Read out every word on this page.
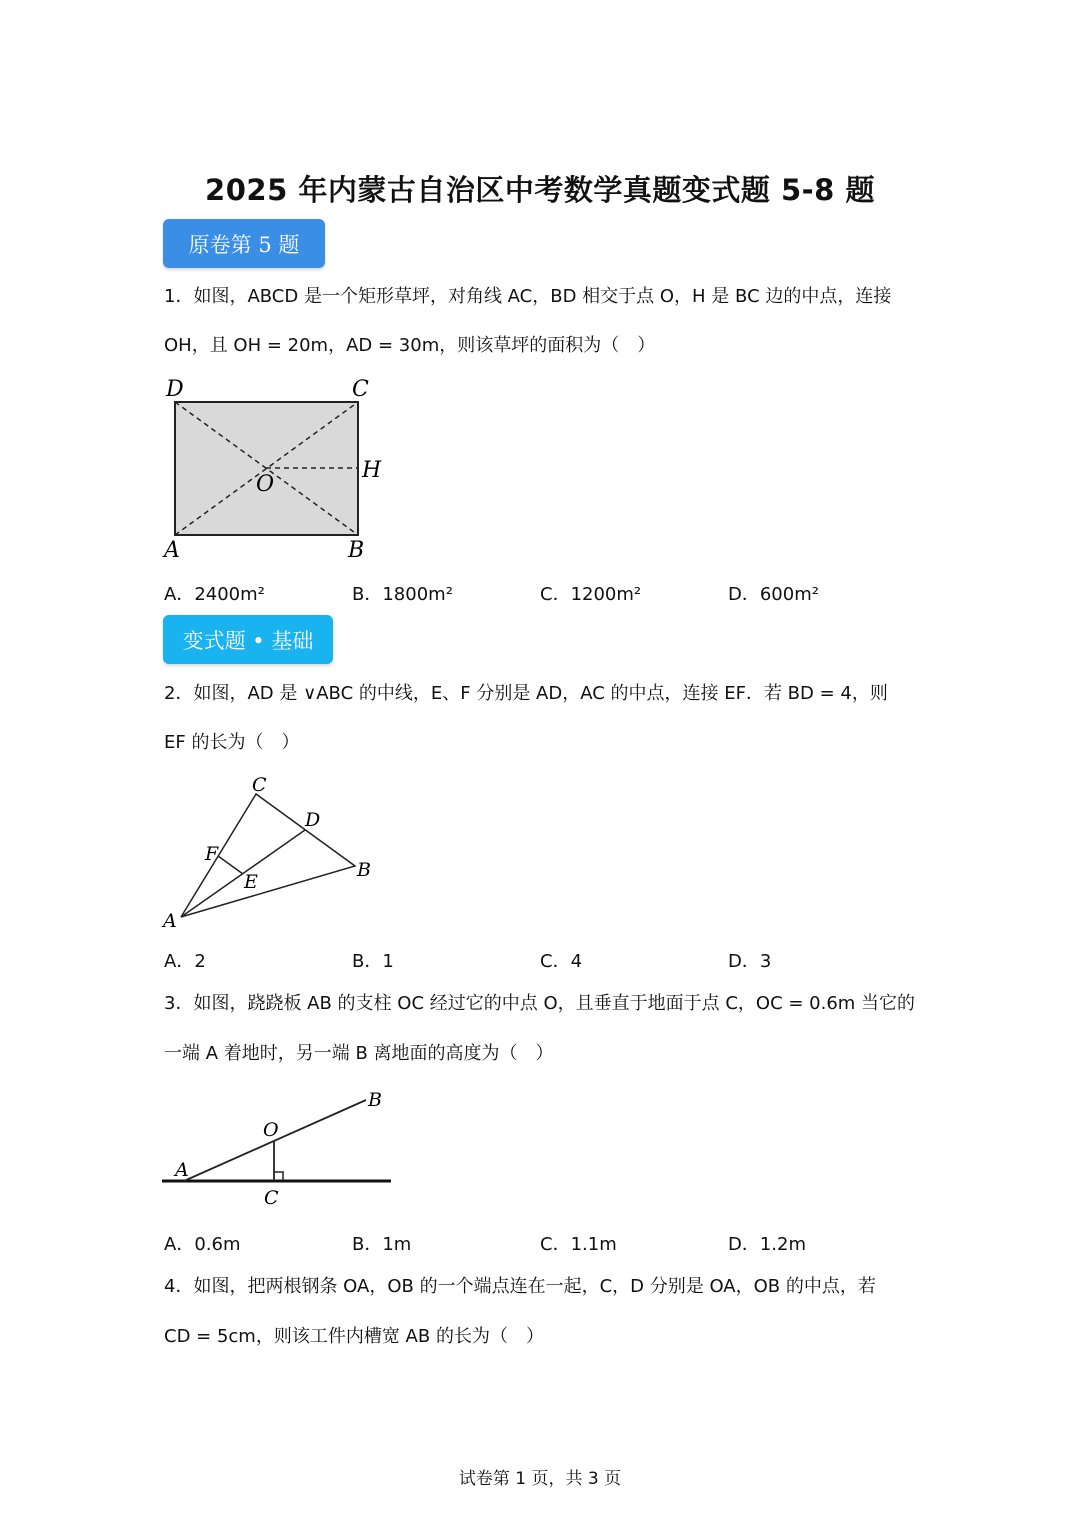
2025 年内蒙古自治区中考数学真题变式题 5-8 题
原卷第 5 题
1．如图，ABCD 是一个矩形草坪，对角线 AC，BD 相交于点 O，H 是 BC 边的中点，连接
OH，且 OH = 20m，AD = 30m，则该草坪的面积为（　）
D	C
H
O
A	B
A．2400m²	B．1800m²	C．1200m²	D．600m²
变式题 • 基础
2．如图，AD 是 ∨ABC 的中线，E、F 分别是 AD，AC 的中点，连接 EF．若 BD = 4，则
EF 的长为（　）
C
D
F
E
B
A
A．2	B．1	C．4	D．3
3．如图，跷跷板 AB 的支柱 OC 经过它的中点 O，且垂直于地面于点 C，OC = 0.6m 当它的
一端 A 着地时，另一端 B 离地面的高度为（　）
B
O
A
C
A．0.6m	B．1m	C．1.1m	D．1.2m
4．如图，把两根钢条 OA，OB 的一个端点连在一起，C，D 分别是 OA，OB 的中点，若
CD = 5cm，则该工件内槽宽 AB 的长为（　）
试卷第 1 页，共 3 页
